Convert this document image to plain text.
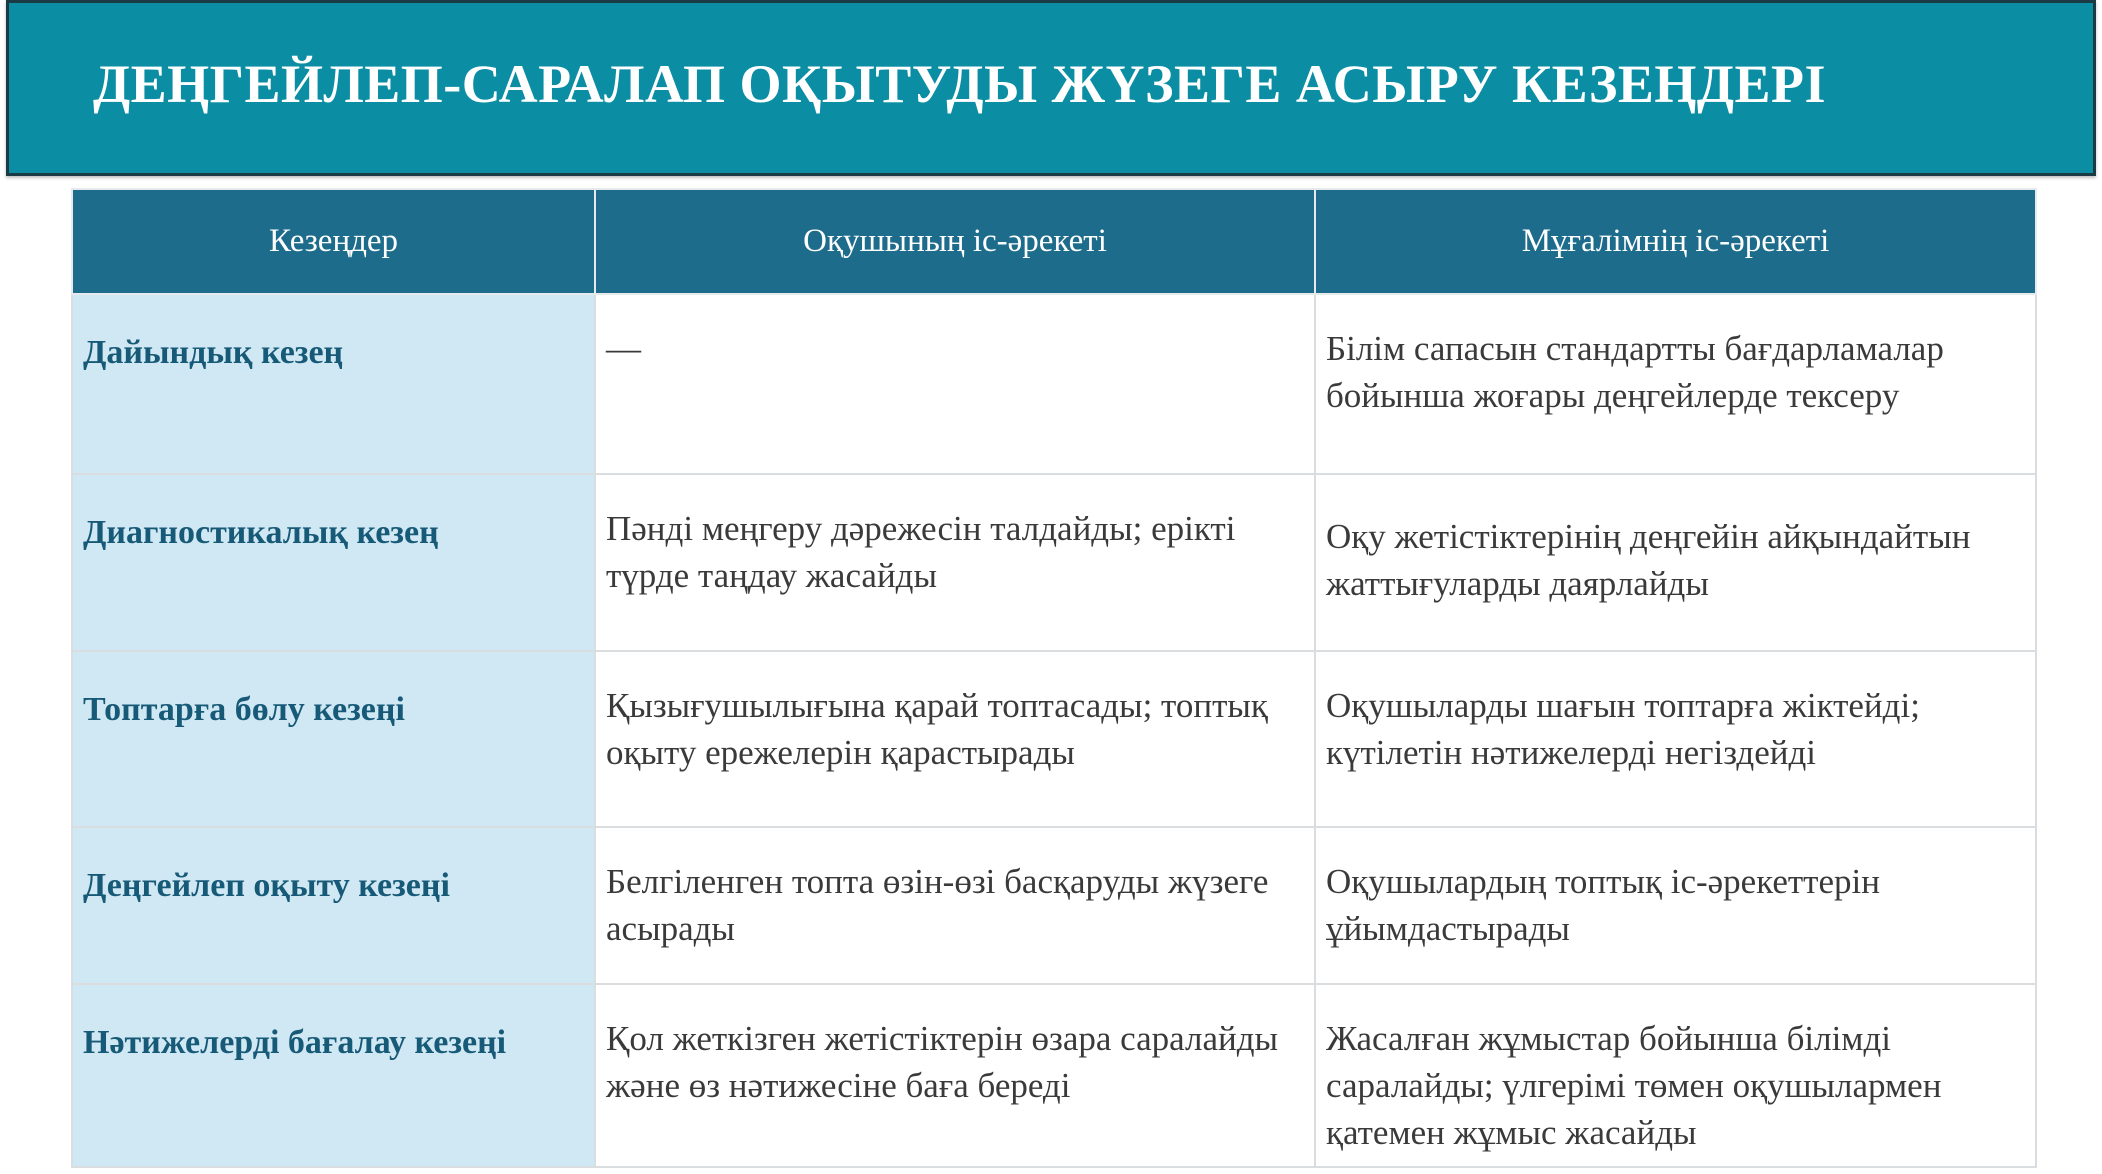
ДЕҢГЕЙЛЕП-САРАЛАП ОҚЫТУДЫ ЖҮЗЕГЕ АСЫРУ КЕЗЕҢДЕРІ
Кезеңдер	Оқушының іс-әрекеті	Мұғалімнің іс-әрекеті
Дайындық кезең	—	Білім сапасын стандартты бағдарламалар бойынша жоғары деңгейлерде тексеру
Диагностикалық кезең	Пәнді меңгеру дәрежесін талдайды; ерікті түрде таңдау жасайды	Оқу жетістіктерінің деңгейін айқындайтын жаттығуларды даярлайды
Топтарға бөлу кезеңі	Қызығушылығына қарай топтасады; топтық оқыту ережелерін қарастырады	Оқушыларды шағын топтарға жіктейді; күтілетін нәтижелерді негіздейді
Деңгейлеп оқыту кезеңі	Белгіленген топта өзін-өзі басқаруды жүзеге асырады	Оқушылардың топтық іс-әрекеттерін ұйымдастырады
Нәтижелерді бағалау кезеңі	Қол жеткізген жетістіктерін өзара саралайды және өз нәтижесіне баға береді	Жасалған жұмыстар бойынша білімді саралайды; үлгерімі төмен оқушылармен қатемен жұмыс жасайды
